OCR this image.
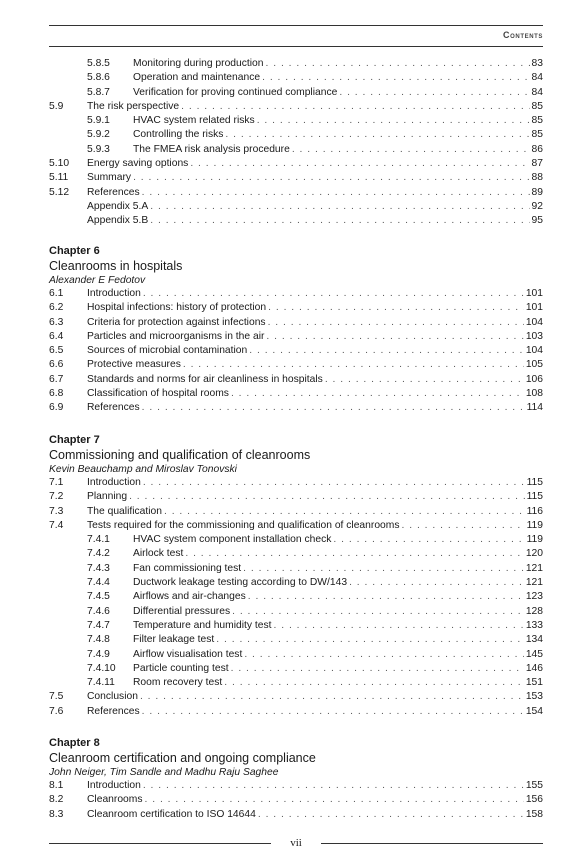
Contents
5.8.5 Monitoring during production . . .	83
5.8.6 Operation and maintenance . . .	84
5.8.7 Verification for proving continued compliance . . .	84
5.9 The risk perspective . . .	85
5.9.1 HVAC system related risks . . .	85
5.9.2 Controlling the risks . . .	85
5.9.3 The FMEA risk analysis procedure . . .	86
5.10 Energy saving options . . .	87
5.11 Summary . . .	88
5.12 References . . .	89
Appendix 5.A . . .	92
Appendix 5.B . . .	95
Chapter 6
Cleanrooms in hospitals
Alexander E Fedotov
6.1 Introduction . . .	101
6.2 Hospital infections: history of protection . . .	101
6.3 Criteria for protection against infections . . .	104
6.4 Particles and microorganisms in the air . . .	103
6.5 Sources of microbial contamination . . .	104
6.6 Protective measures . . .	105
6.7 Standards and norms for air cleanliness in hospitals . . .	106
6.8 Classification of hospital rooms . . .	108
6.9 References . . .	114
Chapter 7
Commissioning and qualification of cleanrooms
Kevin Beauchamp and Miroslav Tonovski
7.1 Introduction . . .	115
7.2 Planning . . .	115
7.3 The qualification . . .	116
7.4 Tests required for the commissioning and qualification of cleanrooms . . .	119
7.4.1 HVAC system component installation check . . .	119
7.4.2 Airlock test . . .	120
7.4.3 Fan commissioning test . . .	121
7.4.4 Ductwork leakage testing according to DW/143 . . .	121
7.4.5 Airflows and air-changes . . .	123
7.4.6 Differential pressures . . .	128
7.4.7 Temperature and humidity test . . .	133
7.4.8 Filter leakage test . . .	134
7.4.9 Airflow visualisation test . . .	145
7.4.10 Particle counting test . . .	146
7.4.11 Room recovery test . . .	151
7.5 Conclusion . . .	153
7.6 References . . .	154
Chapter 8
Cleanroom certification and ongoing compliance
John Neiger, Tim Sandle and Madhu Raju Saghee
8.1 Introduction . . .	155
8.2 Cleanrooms . . .	156
8.3 Cleanroom certification to ISO 14644 . . .	158
vii
